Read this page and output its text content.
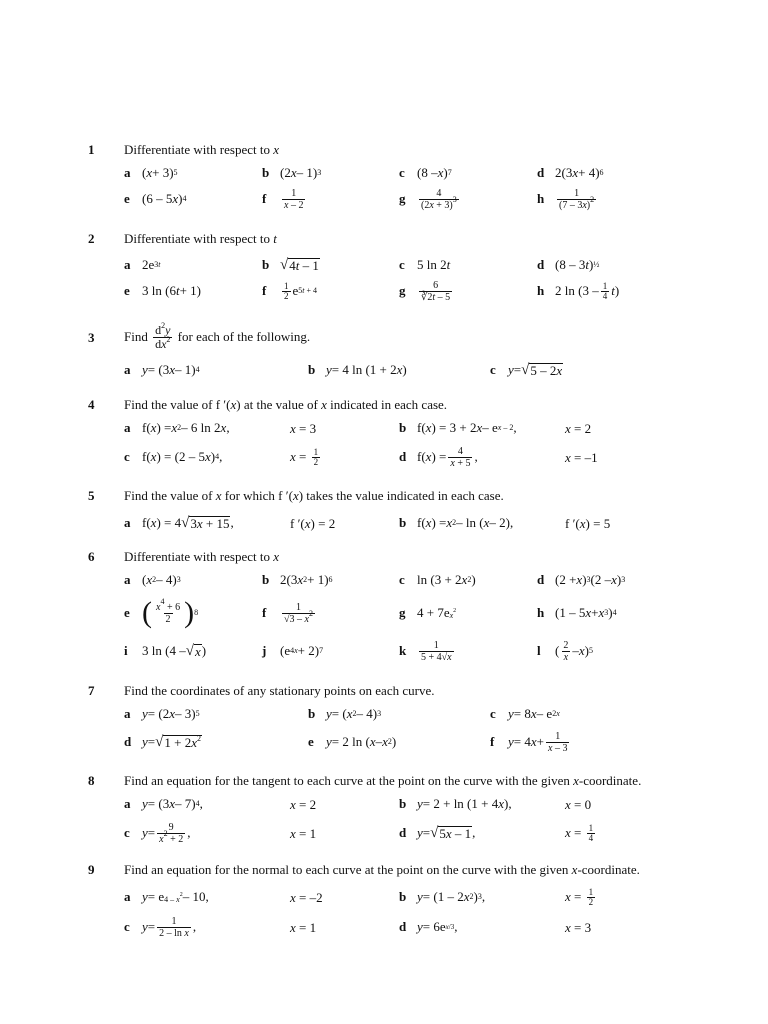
1 Differentiate with respect to x
a ( x + 3) 5	b (2 x – 1) 3	c (8 – x ) 7	d 2(3 x + 4) 6
e (6 – 5 x ) 4	f	$\frac{1}{x - 2}$	g	$\frac{4}{(2x + 3)^3}$	h	$\frac{1}{(7 - 3x)^2}$
2 Differentiate with respect to t
a 2e 3t	b √ 4t – 1	c 5 ln 2 t	d (8 – 3 t ) ½
e 3 ln (6 t + 1)	f	$\frac{1}{2}$ e 5t + 4	g	$\frac{6}{∛2t - 5}$	h 2 $\ln (3 - \frac{1}{4}$ t )
3 Find $\frac{d^2y}{dx^2}$ for each of the following.
a y = (3 x – 1) 4	b y = 4 ln (1 + 2 x )	c y = √ 5 – 2x
4 Find the value of f ′(x) at the value of x indicated in each case.
a f( x ) = x 2 – 6 ln 2 x ,	x = 3	b f( x ) = 3 + 2 x – e x – 2 ,	x = 2
c f( x ) = (2 – 5 x ) 4 ,	$x = \frac{1}{2}$	d f( x ) = $\frac{4}{x + 5}$ ,	x = –1
5 Find the value of x for which f ′(x) takes the value indicated in each case.
a f( x ) = 4 √ 3x + 15 ,	f ′(x) = 2	b f( x ) = x 2 – ln ( x – 2),	f ′(x) = 5
6 Differentiate with respect to x
a ( x 2 – 4) 3	b 2(3 x 2 + 1) 6	c ln (3 + 2 x 2 )	d (2 + x ) 3 (2 – x ) 3
e ( $\frac{x^4 + 6}{2}$ ) 8	f	$\frac{1}{√3 - x^2}$	g 4 + 7e $x^2$	h (1 – 5 x + x 3 ) 4
i	3 ln (4 – √ x )	j	(e 4x + 2) 7	k	$\frac{1}{5 + 4√x}$	l	( $\frac{2}{x}$ – x ) 5
7 Find the coordinates of any stationary points on each curve.
a y = (2 x – 3) 5	b y = ( x 2 – 4) 3	c y = 8 x – e 2x
d y = √ $1 + 2x^2$	e y = 2 ln ( x – x 2 )	f	y = 4 $x + \frac{1}{x - 3}$
8 Find an equation for the tangent to each curve at the point on the curve with the given x-coordinate.
a y = (3 x – 7) 4 ,	x = 2	b y = 2 + ln (1 + 4 x ),	x = 0
c $y = \frac{9}{x^2 + 2}$ ,	x = 1	d y = √ 5x – 1 ,	$x = \frac{1}{4}$
9 Find an equation for the normal to each curve at the point on the curve with the given x-coordinate.
a y = e $4 - x^2 - 10$,	x = –2	b y = (1 – 2 x 2 ) 3 ,	$x = \frac{1}{2}$
c $y = \frac{1}{\text{2 – ln x}}$ ,	x = 1	d y = 6e x/3 ,	x = 3
